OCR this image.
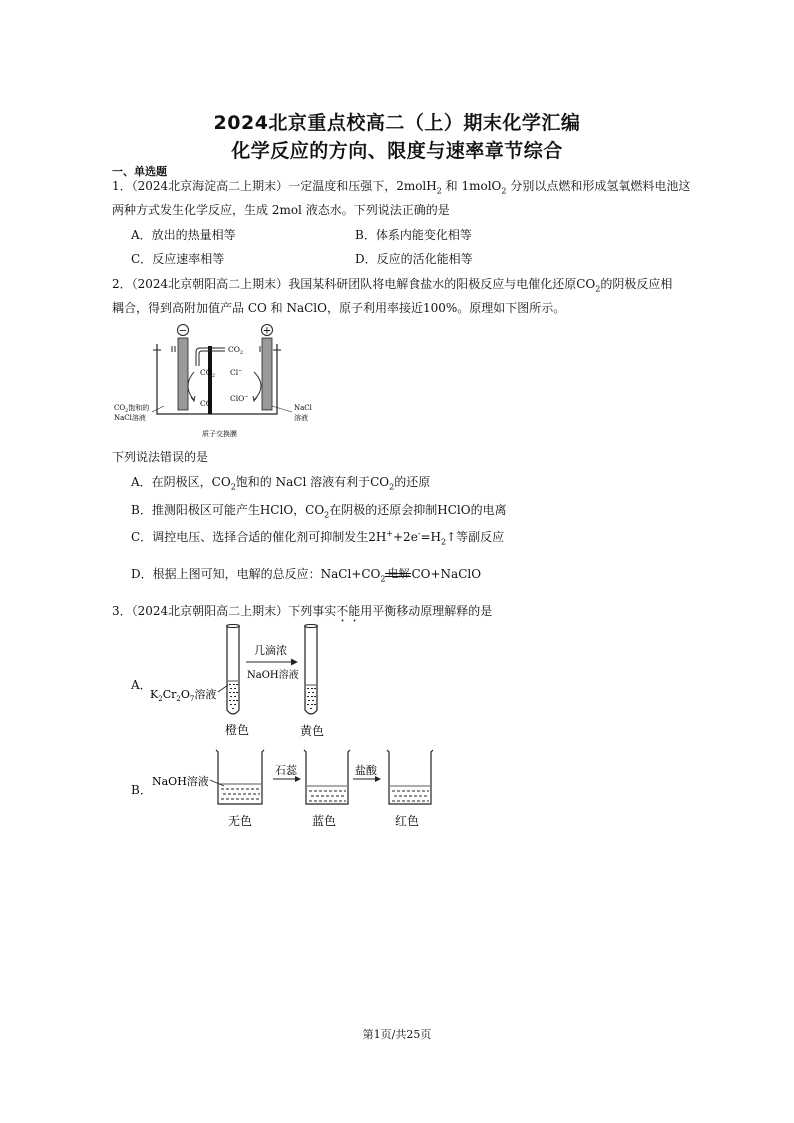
2024北京重点校高二（上）期末化学汇编
化学反应的方向、限度与速率章节综合
一、单选题
1．（2024北京海淀高二上期末）一定温度和压强下，2molH$_2$ 和 1molO$_2$ 分别以点燃和形成氢氧燃料电池这
两种方式发生化学反应，生成 2mol 液态水。下列说法正确的是
A．放出的热量相等	B．体系内能变化相等
C．反应速率相等	D．反应的活化能相等
2．（2024北京朝阳高二上期末）我国某科研团队将电解食盐水的阳极反应与电催化还原$CO_2$的阴极反应相
耦合，得到高附加值产品 CO 和 NaClO，原子利用率接近100%。原理如下图所示。
−	+
$CO_2$
$CO_2$
CO
Cl−
ClO−
$CO_2$饱和的
NaCl溶液
NaCl
溶液
质子交换膜
下列说法错误的是
A．在阴极区，$CO_2$饱和的 NaCl 溶液有利于$CO_2$的还原
B．推测阳极区可能产生HClO，$CO_2$在阴极的还原会抑制HClO的电离
C．调控电压、选择合适的催化剂可抑制发生$2H^++2e^-=H_2↑$等副反应
D．根据上图可知，电解的总反应：$NaCl+CO_2$ 电解 CO+NaClO
3．（2024北京朝阳高二上期末）下列事实不能用平衡移动原理解释的是
A．
$K_2Cr_2O_7$溶液
几滴浓
NaOH溶液
橙色	黄色
B．
NaOH溶液
石蕊	盐酸
无色	蓝色	红色
第1页/共25页
